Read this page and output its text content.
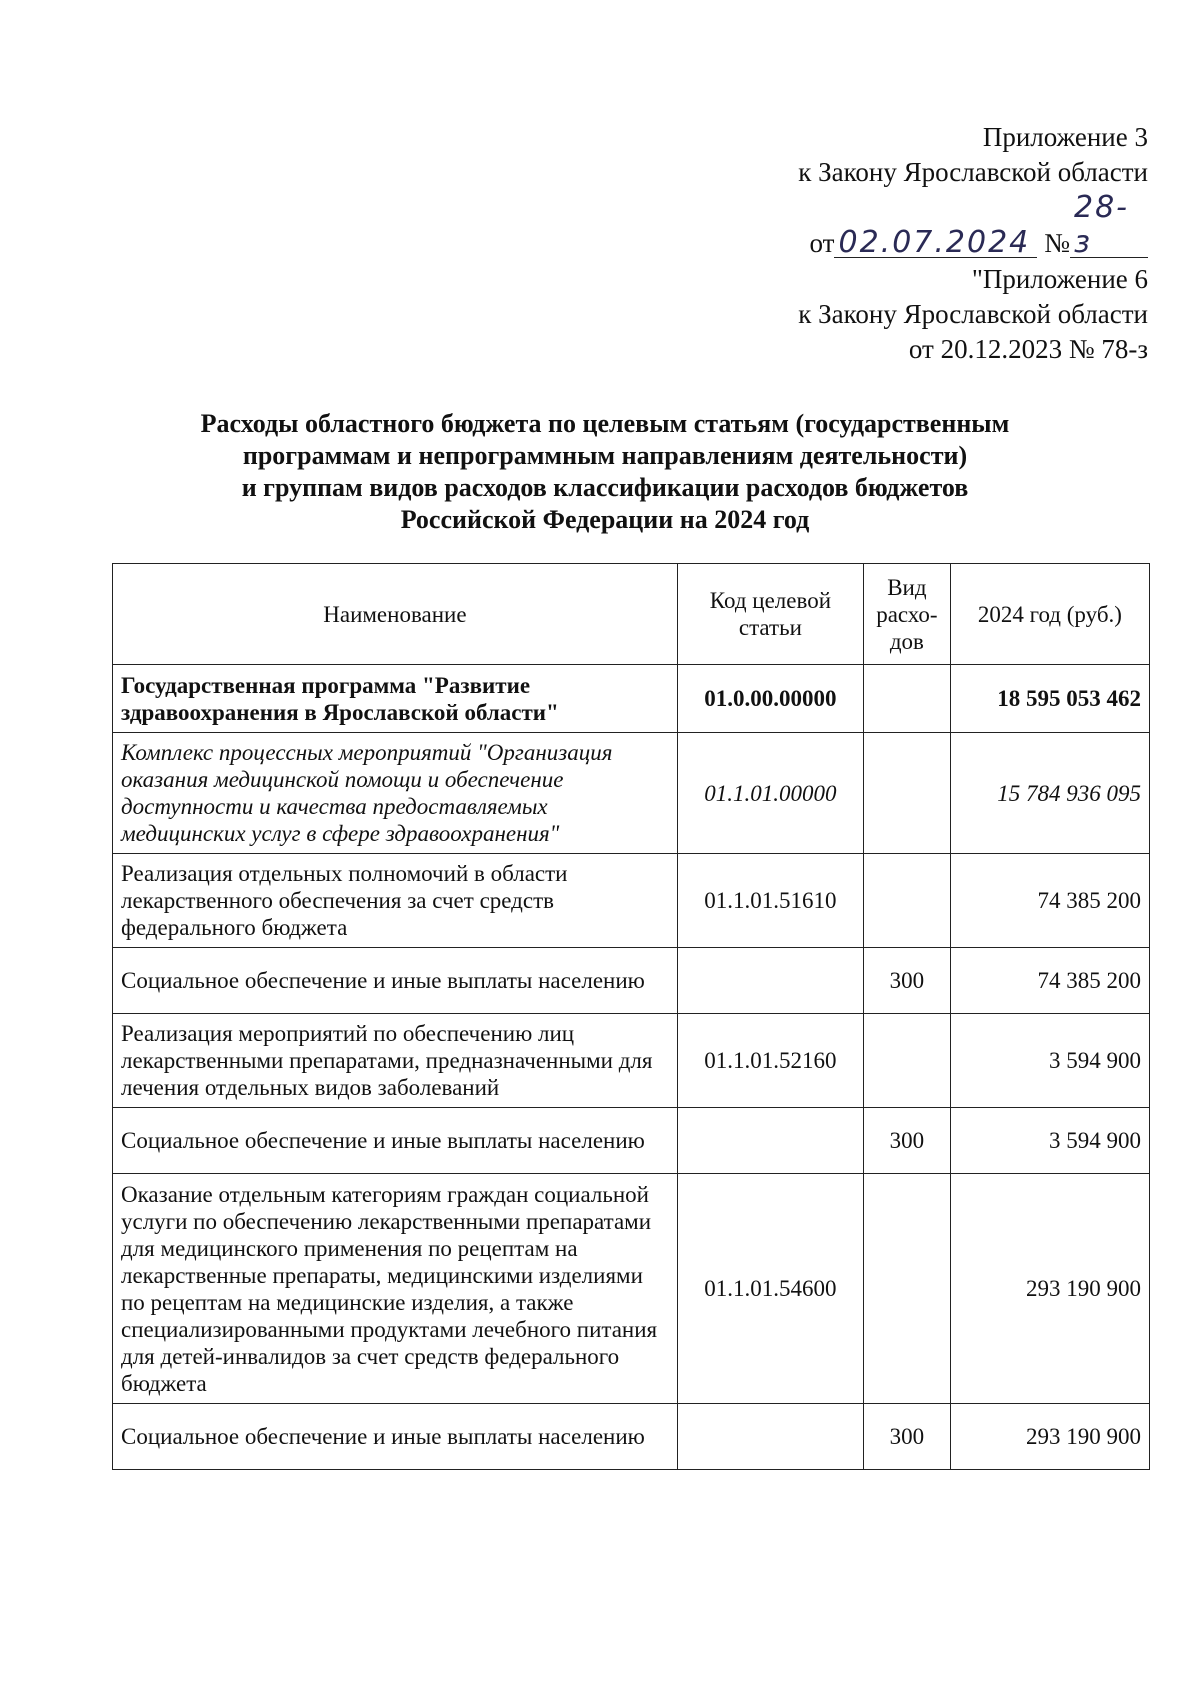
Приложение 3
к Закону Ярославской области
от 02.07.2024 №28-з
"Приложение 6
к Закону Ярославской области
от 20.12.2023 № 78-з
Расходы областного бюджета по целевым статьям (государственным
программам и непрограммным направлениям деятельности)
и группам видов расходов классификации расходов бюджетов
Российской Федерации на 2024 год
Наименование	Код целевой статьи	Вид расхо-дов	2024 год (руб.)
Государственная программа "Развитие здравоохранения в Ярославской области"	01.0.00.00000		18 595 053 462
Комплекс процессных мероприятий "Организация оказания медицинской помощи и обеспечение доступности и качества предоставляемых медицинских услуг в сфере здравоохранения"	01.1.01.00000		15 784 936 095
Реализация отдельных полномочий в области лекарственного обеспечения за счет средств федерального бюджета	01.1.01.51610		74 385 200
Социальное обеспечение и иные выплаты населению		300	74 385 200
Реализация мероприятий по обеспечению лиц лекарственными препаратами, предназначенными для лечения отдельных видов заболеваний	01.1.01.52160		3 594 900
Социальное обеспечение и иные выплаты населению		300	3 594 900
Оказание отдельным категориям граждан социальной услуги по обеспечению лекарственными препаратами для медицинского применения по рецептам на лекарственные препараты, медицинскими изделиями по рецептам на медицинские изделия, а также специализированными продуктами лечебного питания для детей-инвалидов за счет средств федерального бюджета	01.1.01.54600		293 190 900
Социальное обеспечение и иные выплаты населению		300	293 190 900
